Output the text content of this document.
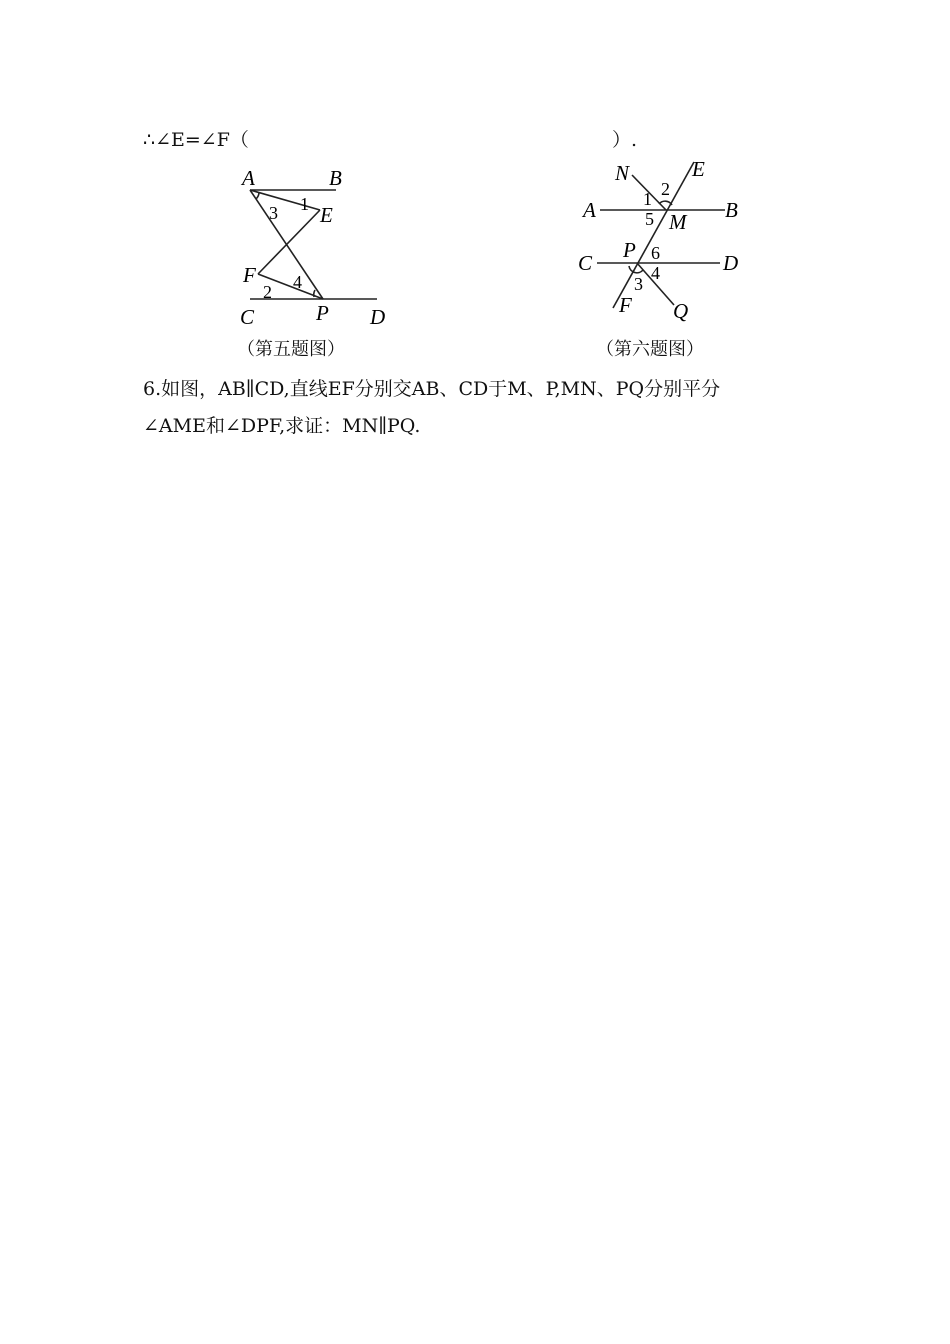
∴∠E=∠F（	）.
A	B
E
F
C	P D
1
3
4
2
（第五题图）
N	E
A	M B
C
P
D
F Q
1 2
5
6
4
3
（第六题图）
6.如图，AB∥CD,直线EF分别交AB、CD于M、P,MN、PQ分别平分
∠AME和∠DPF,求证：MN∥PQ.
